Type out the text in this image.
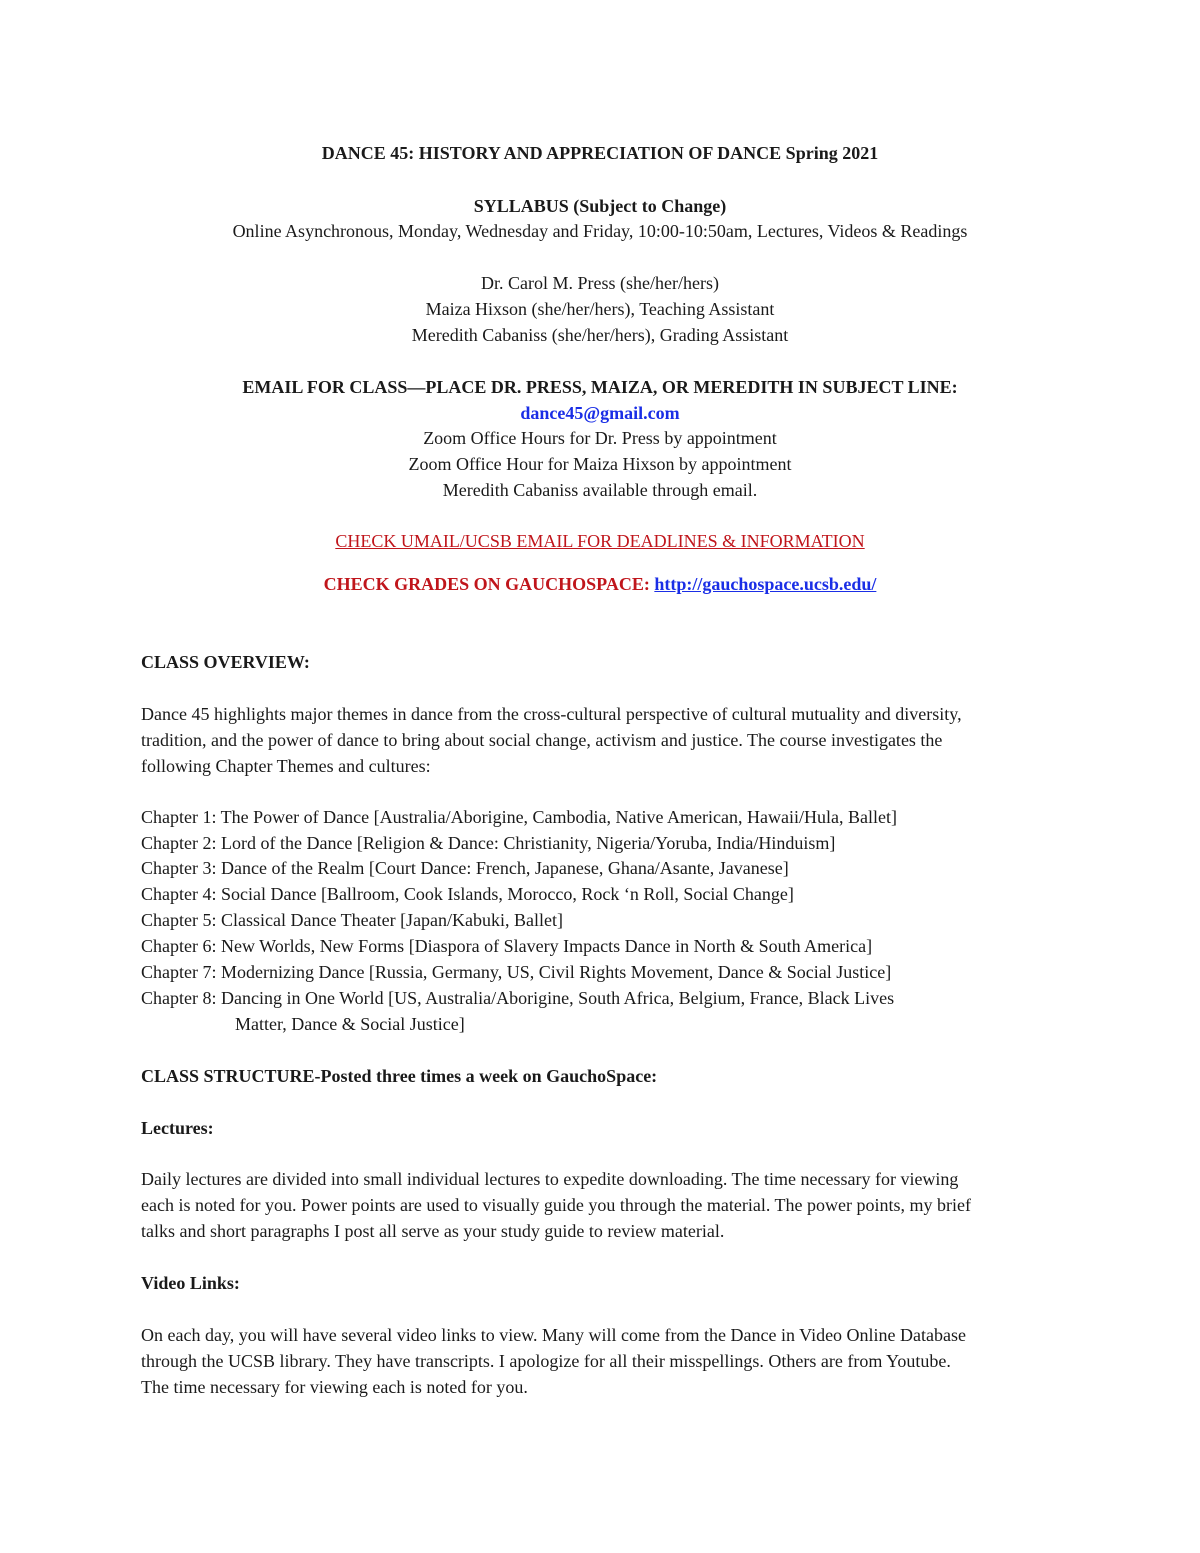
DANCE 45: HISTORY AND APPRECIATION OF DANCE Spring 2021
SYLLABUS (Subject to Change)
Online Asynchronous, Monday, Wednesday and Friday, 10:00-10:50am, Lectures, Videos & Readings
Dr. Carol M. Press (she/her/hers)
Maiza Hixson (she/her/hers), Teaching Assistant
Meredith Cabaniss (she/her/hers), Grading Assistant
EMAIL FOR CLASS—PLACE DR. PRESS, MAIZA, OR MEREDITH IN SUBJECT LINE:
dance45@gmail.com
Zoom Office Hours for Dr. Press by appointment
Zoom Office Hour for Maiza Hixson by appointment
Meredith Cabaniss available through email.
CHECK UMAIL/UCSB EMAIL FOR DEADLINES & INFORMATION
CHECK GRADES ON GAUCHOSPACE: http://gauchospace.ucsb.edu/
CLASS OVERVIEW:
Dance 45 highlights major themes in dance from the cross-cultural perspective of cultural mutuality and diversity,
tradition, and the power of dance to bring about social change, activism and justice. The course investigates the
following Chapter Themes and cultures:
Chapter 1: The Power of Dance [Australia/Aborigine, Cambodia, Native American, Hawaii/Hula, Ballet]
Chapter 2: Lord of the Dance [Religion & Dance: Christianity, Nigeria/Yoruba, India/Hinduism]
Chapter 3: Dance of the Realm [Court Dance: French, Japanese, Ghana/Asante, Javanese]
Chapter 4: Social Dance [Ballroom, Cook Islands, Morocco, Rock ‘n Roll, Social Change]
Chapter 5: Classical Dance Theater [Japan/Kabuki, Ballet]
Chapter 6: New Worlds, New Forms [Diaspora of Slavery Impacts Dance in North & South America]
Chapter 7: Modernizing Dance [Russia, Germany, US, Civil Rights Movement, Dance & Social Justice]
Chapter 8: Dancing in One World [US, Australia/Aborigine, South Africa, Belgium, France, Black Lives
Matter, Dance & Social Justice]
CLASS STRUCTURE-Posted three times a week on GauchoSpace:
Lectures:
Daily lectures are divided into small individual lectures to expedite downloading. The time necessary for viewing
each is noted for you. Power points are used to visually guide you through the material. The power points, my brief
talks and short paragraphs I post all serve as your study guide to review material.
Video Links:
On each day, you will have several video links to view. Many will come from the Dance in Video Online Database
through the UCSB library. They have transcripts. I apologize for all their misspellings. Others are from Youtube.
The time necessary for viewing each is noted for you.
